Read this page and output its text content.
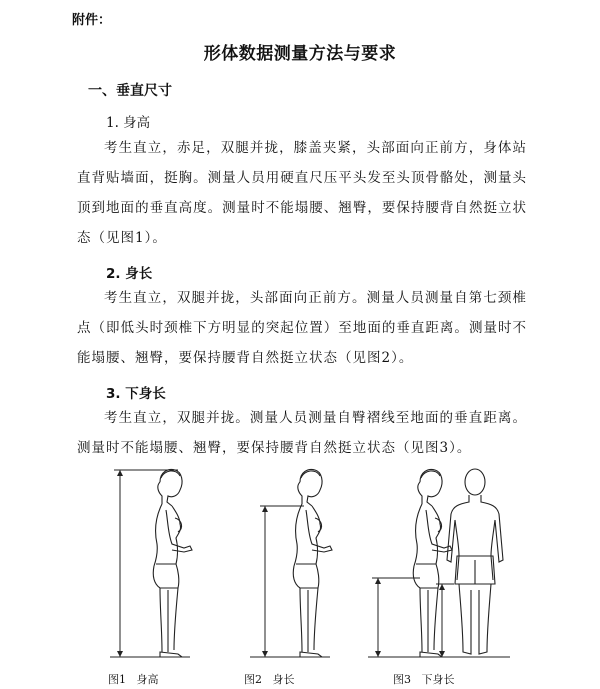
附件：
形体数据测量方法与要求
一、垂直尺寸
1. 身高

考生直立，赤足，双腿并拢，膝盖夹紧，头部面向正前方，身体站直背贴墙面，挺胸。测量人员用硬直尺压平头发至头顶骨骼处，测量头顶到地面的垂直高度。测量时不能塌腰、翘臀，要保持腰背自然挺立状态（见图1）。

2. 身长

考生直立，双腿并拢，头部面向正前方。测量人员测量自第七颈椎点（即低头时颈椎下方明显的突起位置）至地面的垂直距离。测量时不能塌腰、翘臀，要保持腰背自然挺立状态（见图2）。

3. 下身长

考生直立，双腿并拢。测量人员测量自臀褶线至地面的垂直距离。测量时不能塌腰、翘臀，要保持腰背自然挺立状态（见图3）。

图1 身高	图2 身长	图3 下身长
